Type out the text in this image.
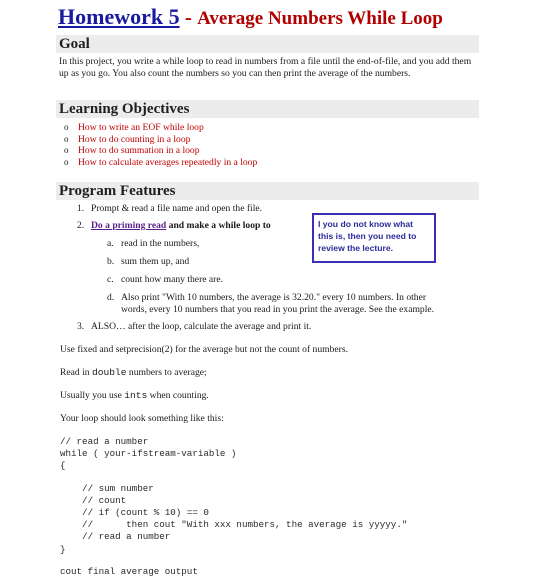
Homework 5 - Average Numbers While Loop
Goal
In this project, you write a while loop to read in numbers from a file until the end-of-file, and you add them up as you go. You also count the numbers so you can then print the average of the numbers.
Learning Objectives
o How to write an EOF while loop
o How to do counting in a loop
o How to do summation in a loop
o How to calculate averages repeatedly in a loop
Program Features
1. Prompt & read a file name and open the file.
2. Do a priming read and make a while loop to	I you do not know what this is, then you need to review the lecture.
a. read in the numbers,
b. sum them up, and
c. count how many there are.
d. Also print "With 10 numbers, the average is 32.20." every 10 numbers. In other
words, every 10 numbers that you read in you print the average. See the example.
3. ALSO… after the loop, calculate the average and print it.
Use fixed and setprecision(2) for the average but not the count of numbers.
Read in double numbers to average;
Usually you use ints when counting.
Your loop should look something like this:
// read a number
while ( your-ifstream-variable )
{
// sum number
// count
// if (count % 10) == 0
//      then cout "With xxx numbers, the average is yyyyy."
// read a number
}
cout final average output
